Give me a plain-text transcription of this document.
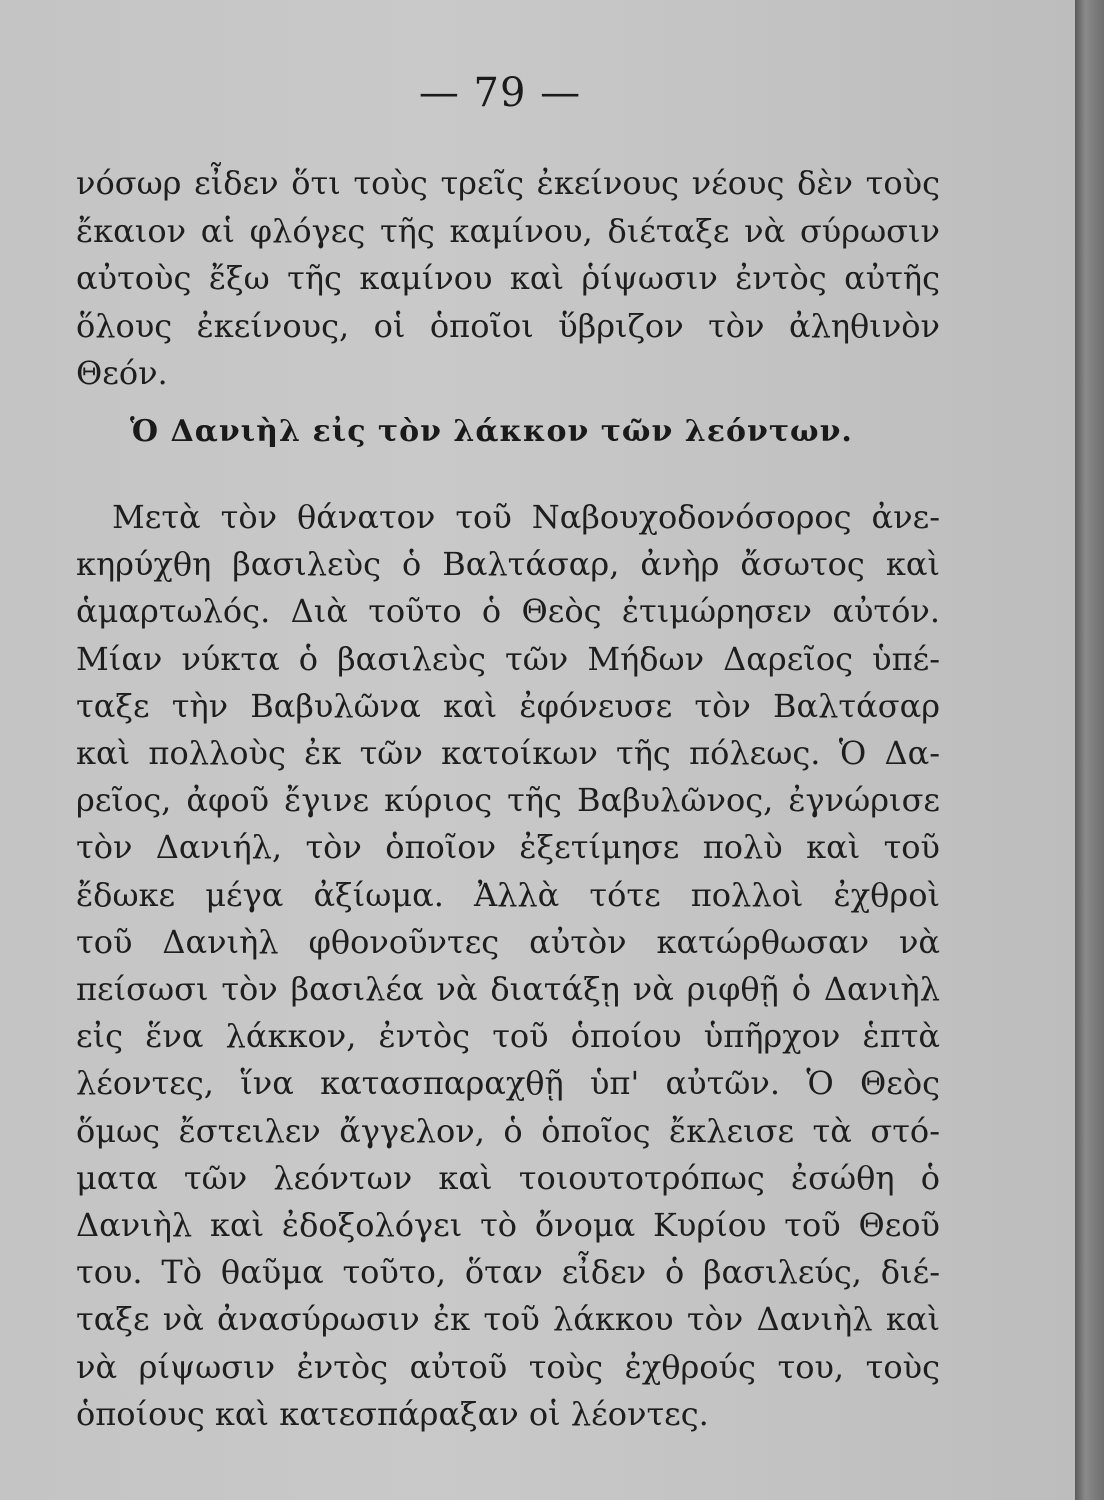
— 79 —
νόσωρ εἶδεν ὅτι τοὺς τρεῖς ἐκείνους νέους δὲν τοὺς
ἔκαιον αἱ φλόγες τῆς καμίνου, διέταξε νὰ σύρωσιν
αὐτοὺς ἔξω τῆς καμίνου καὶ ῥίψωσιν ἐντὸς αὐτῆς
ὅλους ἐκείνους, οἱ ὁποῖοι ὕβριζον τὸν ἀληθινὸν
Θεόν.
Ὁ Δανιὴλ εἰς τὸν λάκκον τῶν λεόντων.
Μετὰ τὸν θάνατον τοῦ Ναβουχοδονόσορος ἀνε-
κηρύχθη βασιλεὺς ὁ Βαλτάσαρ, ἀνὴρ ἄσωτος καὶ
ἁμαρτωλός. Διὰ τοῦτο ὁ Θεὸς ἐτιμώρησεν αὐτόν.
Μίαν νύκτα ὁ βασιλεὺς τῶν Μήδων Δαρεῖος ὑπέ-
ταξε τὴν Βαβυλῶνα καὶ ἐφόνευσε τὸν Βαλτάσαρ
καὶ πολλοὺς ἐκ τῶν κατοίκων τῆς πόλεως. Ὁ Δα-
ρεῖος, ἀφοῦ ἔγινε κύριος τῆς Βαβυλῶνος, ἐγνώρισε
τὸν Δανιήλ, τὸν ὁποῖον ἐξετίμησε πολὺ καὶ τοῦ
ἔδωκε μέγα ἀξίωμα. Ἀλλὰ τότε πολλοὶ ἐχθροὶ
τοῦ Δανιὴλ φθονοῦντες αὐτὸν κατώρθωσαν νὰ
πείσωσι τὸν βασιλέα νὰ διατάξῃ νὰ ριφθῇ ὁ Δανιὴλ
εἰς ἕνα λάκκον, ἐντὸς τοῦ ὁποίου ὑπῆρχον ἑπτὰ
λέοντες, ἵνα κατασπαραχθῇ ὑπ' αὐτῶν. Ὁ Θεὸς
ὅμως ἔστειλεν ἄγγελον, ὁ ὁποῖος ἔκλεισε τὰ στό-
ματα τῶν λεόντων καὶ τοιουτοτρόπως ἐσώθη ὁ
Δανιὴλ καὶ ἐδοξολόγει τὸ ὄνομα Κυρίου τοῦ Θεοῦ
του. Τὸ θαῦμα τοῦτο, ὅταν εἶδεν ὁ βασιλεύς, διέ-
ταξε νὰ ἀνασύρωσιν ἐκ τοῦ λάκκου τὸν Δανιὴλ καὶ
νὰ ρίψωσιν ἐντὸς αὐτοῦ τοὺς ἐχθρούς του, τοὺς
ὁποίους καὶ κατεσπάραξαν οἱ λέοντες.
